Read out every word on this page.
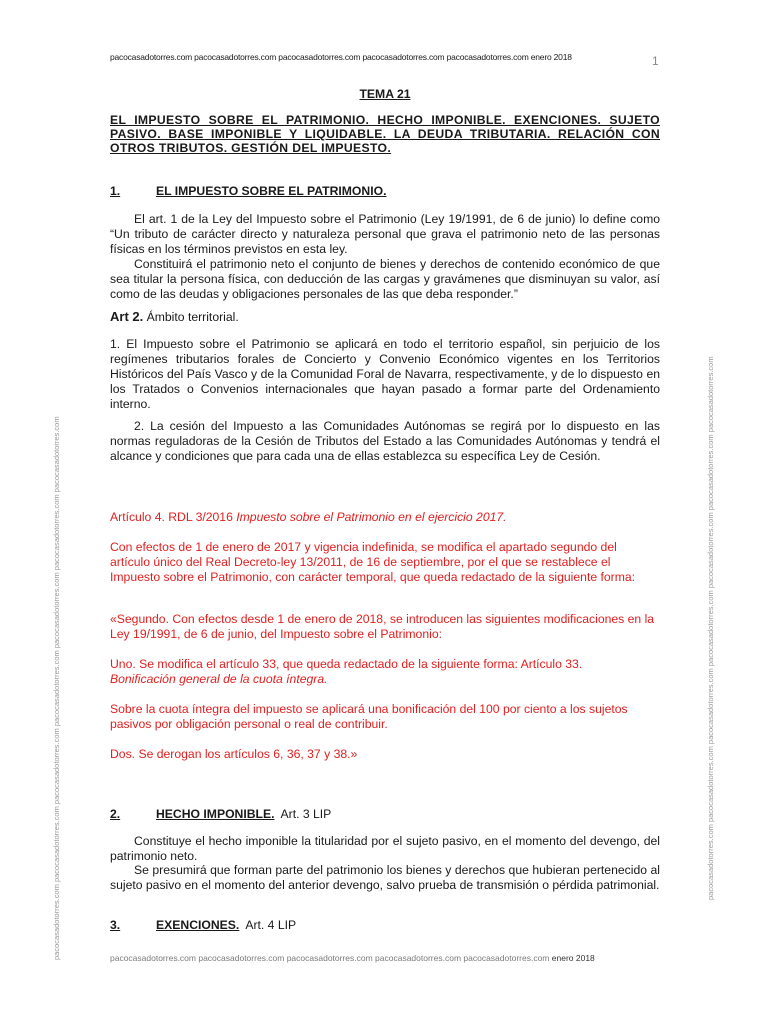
pacocasadotorres.com pacocasadotorres.com pacocasadotorres.com pacocasadotorres.com pacocasadotorres.com enero 2018	1
pacocasadotorres.com pacocasadotorres.com pacocasadotorres.com pacocasadotorres.com pacocasadotorres.com pacocasadotorres.com pacocasadotorres.com	pacocasadotorres.com pacocasadotorres.com pacocasadotorres.com pacocasadotorres.com pacocasadotorres.com pacocasadotorres.com pacocasadotorres.com
TEMA 21
EL IMPUESTO SOBRE EL PATRIMONIO. HECHO IMPONIBLE. EXENCIONES. SUJETO PASIVO. BASE IMPONIBLE Y LIQUIDABLE. LA DEUDA TRIBUTARIA. RELACIÓN CON OTROS TRIBUTOS. GESTIÓN DEL IMPUESTO.
1.	EL IMPUESTO SOBRE EL PATRIMONIO.
El art. 1 de la Ley del Impuesto sobre el Patrimonio (Ley 19/1991, de 6 de junio) lo define como “Un tributo de carácter directo y naturaleza personal que grava el patrimonio neto de las personas físicas en los términos previstos en esta ley.
Constituirá el patrimonio neto el conjunto de bienes y derechos de contenido económico de que sea titular la persona física, con deducción de las cargas y gravámenes que disminuyan su valor, así como de las deudas y obligaciones personales de las que deba responder.”
Art 2. Ámbito territorial.
1. El Impuesto sobre el Patrimonio se aplicará en todo el territorio español, sin perjuicio de los regímenes tributarios forales de Concierto y Convenio Económico vigentes en los Territorios Históricos del País Vasco y de la Comunidad Foral de Navarra, respectivamente, y de lo dispuesto en los Tratados o Convenios internacionales que hayan pasado a formar parte del Ordenamiento interno.
2. La cesión del Impuesto a las Comunidades Autónomas se regirá por lo dispuesto en las normas reguladoras de la Cesión de Tributos del Estado a las Comunidades Autónomas y tendrá el alcance y condiciones que para cada una de ellas establezca su específica Ley de Cesión.
Artículo 4. RDL 3/2016 Impuesto sobre el Patrimonio en el ejercicio 2017.
Con efectos de 1 de enero de 2017 y vigencia indefinida, se modifica el apartado segundo del artículo único del Real Decreto-ley 13/2011, de 16 de septiembre, por el que se restablece el Impuesto sobre el Patrimonio, con carácter temporal, que queda redactado de la siguiente forma:
«Segundo. Con efectos desde 1 de enero de 2018, se introducen las siguientes modificaciones en la Ley 19/1991, de 6 de junio, del Impuesto sobre el Patrimonio:
Uno. Se modifica el artículo 33, que queda redactado de la siguiente forma: Artículo 33.
Bonificación general de la cuota íntegra.
Sobre la cuota íntegra del impuesto se aplicará una bonificación del 100 por ciento a los sujetos pasivos por obligación personal o real de contribuir.
Dos. Se derogan los artículos 6, 36, 37 y 38.»
2.	HECHO IMPONIBLE. Art. 3 LIP
Constituye el hecho imponible la titularidad por el sujeto pasivo, en el momento del devengo, del patrimonio neto.
Se presumirá que forman parte del patrimonio los bienes y derechos que hubieran pertenecido al sujeto pasivo en el momento del anterior devengo, salvo prueba de transmisión o pérdida patrimonial.
3.	EXENCIONES. Art. 4 LIP
pacocasadotorres.com pacocasadotorres.com pacocasadotorres.com pacocasadotorres.com pacocasadotorres.com enero 2018
